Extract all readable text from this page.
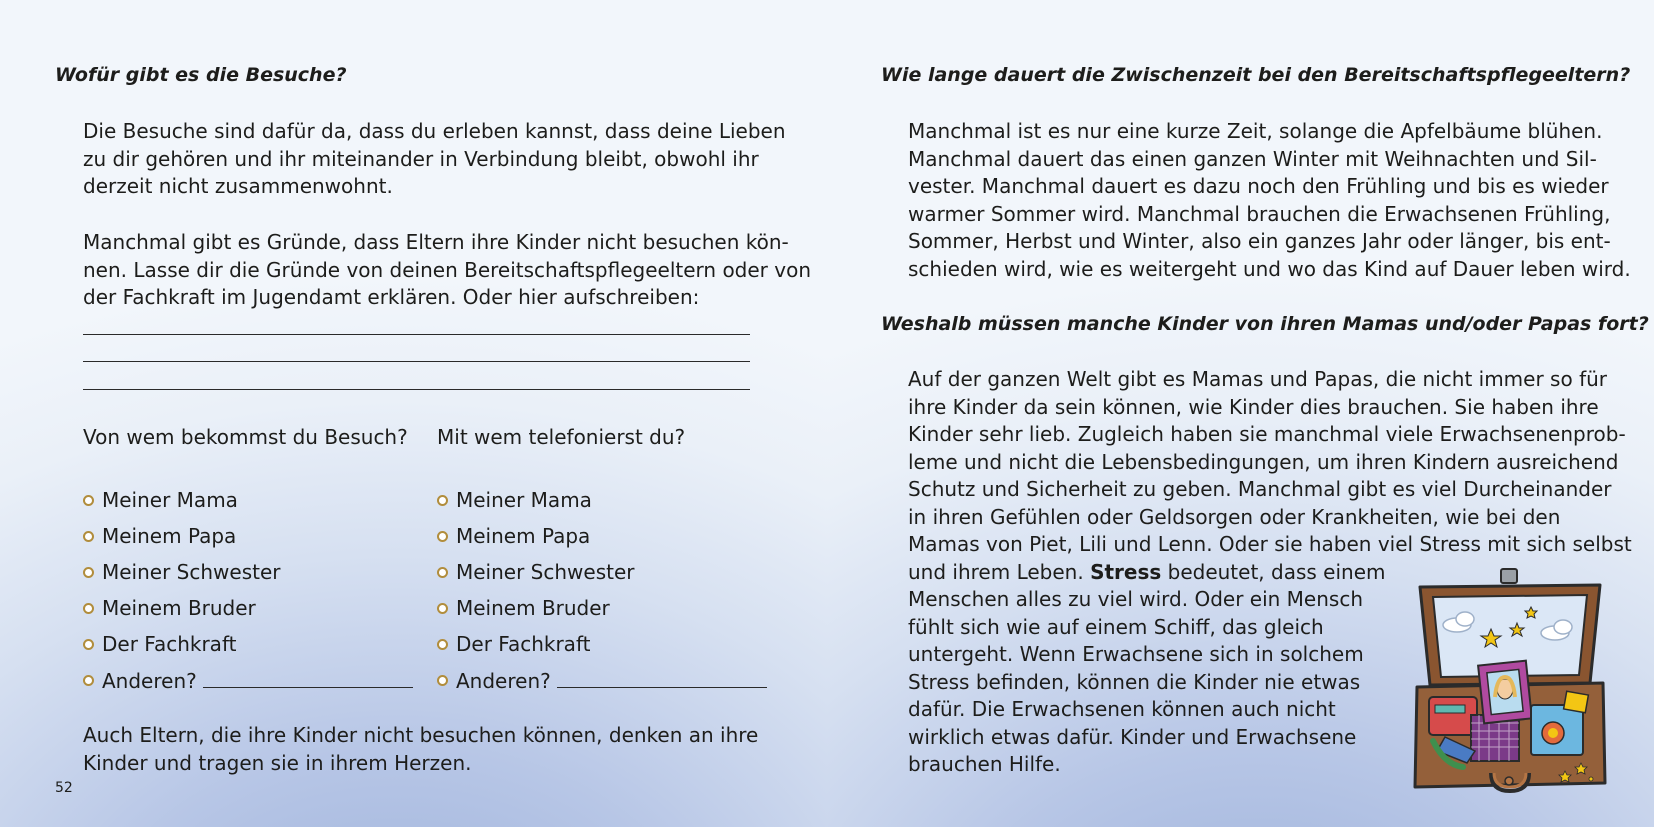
Wofür gibt es die Besuche?

Die Besuche sind dafür da, dass du erleben kannst, dass deine Lieben
zu dir gehören und ihr miteinander in Verbindung bleibt, obwohl ihr
derzeit nicht zusammenwohnt.

Manchmal gibt es Gründe, dass Eltern ihre Kinder nicht besuchen kön-
nen. Lasse dir die Gründe von deinen Bereitschaftspflegeeltern oder von
der Fachkraft im Jugendamt erklären. Oder hier aufschreiben:

Von wem bekommst du Besuch? Mit wem telefonierst du?

Meiner Mama
Meinem Papa
Meiner Schwester
Meinem Bruder
Der Fachkraft
Anderen?
Meiner Mama
Meinem Papa
Meiner Schwester
Meinem Bruder
Der Fachkraft
Anderen?

Auch Eltern, die ihre Kinder nicht besuchen können, denken an ihre
Kinder und tragen sie in ihrem Herzen.

52
Wie lange dauert die Zwischenzeit bei den Bereitschaftspflegeeltern?

Manchmal ist es nur eine kurze Zeit, solange die Apfelbäume blühen.
Manchmal dauert das einen ganzen Winter mit Weihnachten und Sil-
vester. Manchmal dauert es dazu noch den Frühling und bis es wieder
warmer Sommer wird. Manchmal brauchen die Erwachsenen Frühling,
Sommer, Herbst und Winter, also ein ganzes Jahr oder länger, bis ent-
schieden wird, wie es weitergeht und wo das Kind auf Dauer leben wird.

Weshalb müssen manche Kinder von ihren Mamas und/oder Papas fort?

Auf der ganzen Welt gibt es Mamas und Papas, die nicht immer so für
ihre Kinder da sein können, wie Kinder dies brauchen. Sie haben ihre
Kinder sehr lieb. Zugleich haben sie manchmal viele Erwachsenenprob-
leme und nicht die Lebensbedingungen, um ihren Kindern ausreichend
Schutz und Sicherheit zu geben. Manchmal gibt es viel Durcheinander
in ihren Gefühlen oder Geldsorgen oder Krankheiten, wie bei den
Mamas von Piet, Lili und Lenn. Oder sie haben viel Stress mit sich selbst
und ihrem Leben. Stress bedeutet, dass einem
Menschen alles zu viel wird. Oder ein Mensch
fühlt sich wie auf einem Schiff, das gleich
untergeht. Wenn Erwachsene sich in solchem
Stress befinden, können die Kinder nie etwas
dafür. Die Erwachsenen können auch nicht
wirklich etwas dafür. Kinder und Erwachsene
brauchen Hilfe.
